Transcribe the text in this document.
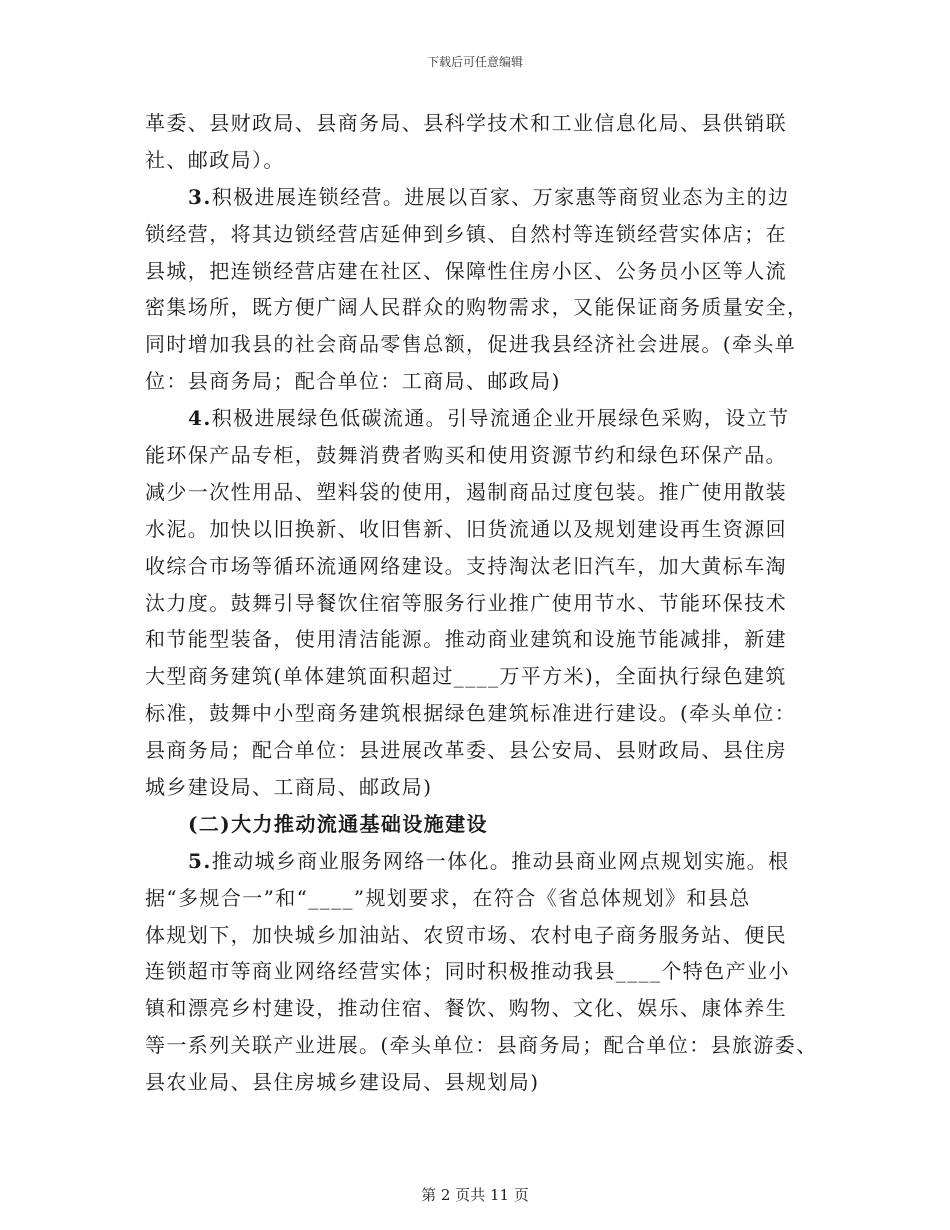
下载后可任意编辑
革委、县财政局、县商务局、县科学技术和工业信息化局、县供销联
社、邮政局）。
3.积极进展连锁经营。进展以百家、万家惠等商贸业态为主的边
锁经营，将其边锁经营店延伸到乡镇、自然村等连锁经营实体店；在
县城，把连锁经营店建在社区、保障性住房小区、公务员小区等人流
密集场所，既方便广阔人民群众的购物需求，又能保证商务质量安全，
同时增加我县的社会商品零售总额，促进我县经济社会进展。(牵头单
位：县商务局；配合单位：工商局、邮政局)
4.积极进展绿色低碳流通。引导流通企业开展绿色采购，设立节
能环保产品专柜，鼓舞消费者购买和使用资源节约和绿色环保产品。
减少一次性用品、塑料袋的使用，遏制商品过度包装。推广使用散装
水泥。加快以旧换新、收旧售新、旧货流通以及规划建设再生资源回
收综合市场等循环流通网络建设。支持淘汰老旧汽车，加大黄标车淘
汰力度。鼓舞引导餐饮住宿等服务行业推广使用节水、节能环保技术
和节能型装备，使用清洁能源。推动商业建筑和设施节能减排，新建
大型商务建筑(单体建筑面积超过____万平方米)，全面执行绿色建筑
标准，鼓舞中小型商务建筑根据绿色建筑标准进行建设。(牵头单位：
县商务局；配合单位：县进展改革委、县公安局、县财政局、县住房
城乡建设局、工商局、邮政局)
(二)大力推动流通基础设施建设
5.推动城乡商业服务网络一体化。推动县商业网点规划实施。根
据“多规合一”和“____”规划要求，在符合《省总体规划》和县总
体规划下，加快城乡加油站、农贸市场、农村电子商务服务站、便民
连锁超市等商业网络经营实体；同时积极推动我县____个特色产业小
镇和漂亮乡村建设，推动住宿、餐饮、购物、文化、娱乐、康体养生
等一系列关联产业进展。(牵头单位：县商务局；配合单位：县旅游委、
县农业局、县住房城乡建设局、县规划局)
第 2 页共 11 页
